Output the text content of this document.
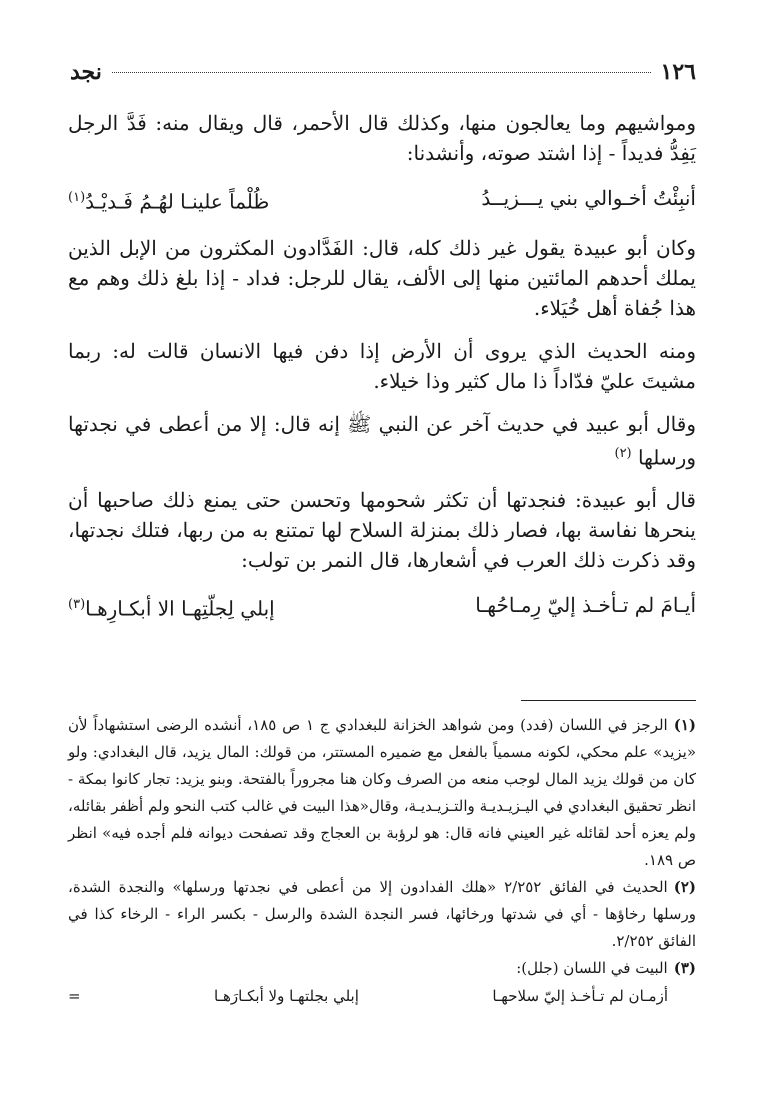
١٢٦
نجد

ومواشيهم وما يعالجون منها، وكذلك قال الأحمر، قال ويقال منه: فَدَّ الرجل يَفِدُّ فديداً - إذا اشتد صوته، وأنشدنا:

أنبِئْتُ أخـوالي بني يـــزيــدُ
ظُلْماً علينـا لهُـمُ فَـديْـدُ$^{(١)}$

وكان أبو عبيدة يقول غير ذلك كله، قال: الفَدَّادون المكثرون من الإبل الذين يملك أحدهم المائتين منها إلى الألف، يقال للرجل: فداد - إذا بلغ ذلك وهم مع هذا جُفاة أهل خُيَلاء.

ومنه الحديث الذي يروى أن الأرض إذا دفن فيها الانسان قالت له: ربما مشيتَ عليّ فدّاداً ذا مال كثير وذا خيلاء.

وقال أبو عبيد في حديث آخر عن النبي ﷺ إنه قال: إلا من أعطى في نجدتها ورسلها $^{(٢)}$

قال أبو عبيدة: فنجدتها أن تكثر شحومها وتحسن حتى يمنع ذلك صاحبها أن ينحرها نفاسة بها، فصار ذلك بمنزلة السلاح لها تمتنع به من ربها، فتلك نجدتها، وقد ذكرت ذلك العرب في أشعارها، قال النمر بن تولب:

أيـامَ لم تـأخـذ إليّ رِمـاحُهـا
إبلي لِجلّتِهـا الا أبكـارِهـا$^{(٣)}$

(١)الرجز في اللسان (فدد) ومن شواهد الخزانة للبغدادي ج ١ ص ١٨٥، أنشده الرضى استشهاداً لأن «يزيد» علم محكي، لكونه مسمياً بالفعل مع ضميره المستتر، من قولك: المال يزيد، قال البغدادي: ولو كان من قولك يزيد المال لوجب منعه من الصرف وكان هنا مجروراً بالفتحة. وبنو يزيد: تجار كانوا بمكة - انظر تحقيق البغدادي في اليـزيـديـة والتـزيـديـة، وقال«هذا البيت في غالب كتب النحو ولم أظفر بقائله، ولم يعزه أحد لقائله غير العيني فانه قال: هو لرؤبة بن العجاج وقد تصفحت ديوانه فلم أجده فيه» انظر ص ١٨٩.

(٢)الحديث في الفائق ٢/٢٥٢ «هلك الفدادون إلا من أعطى في نجدتها ورسلها» والنجدة الشدة، ورسلها رخاؤها - أي في شدتها ورخائها، فسر النجدة الشدة والرسل - بكسر الراء - الرخاء كذا في الفائق ٢/٢٥٢.

(٣)البيت في اللسان (جلل):

أزمـان لم تـأخـذ إليّ سلاحهـا
إبلي بجلتهـا ولا أبكـارَهـا
=
